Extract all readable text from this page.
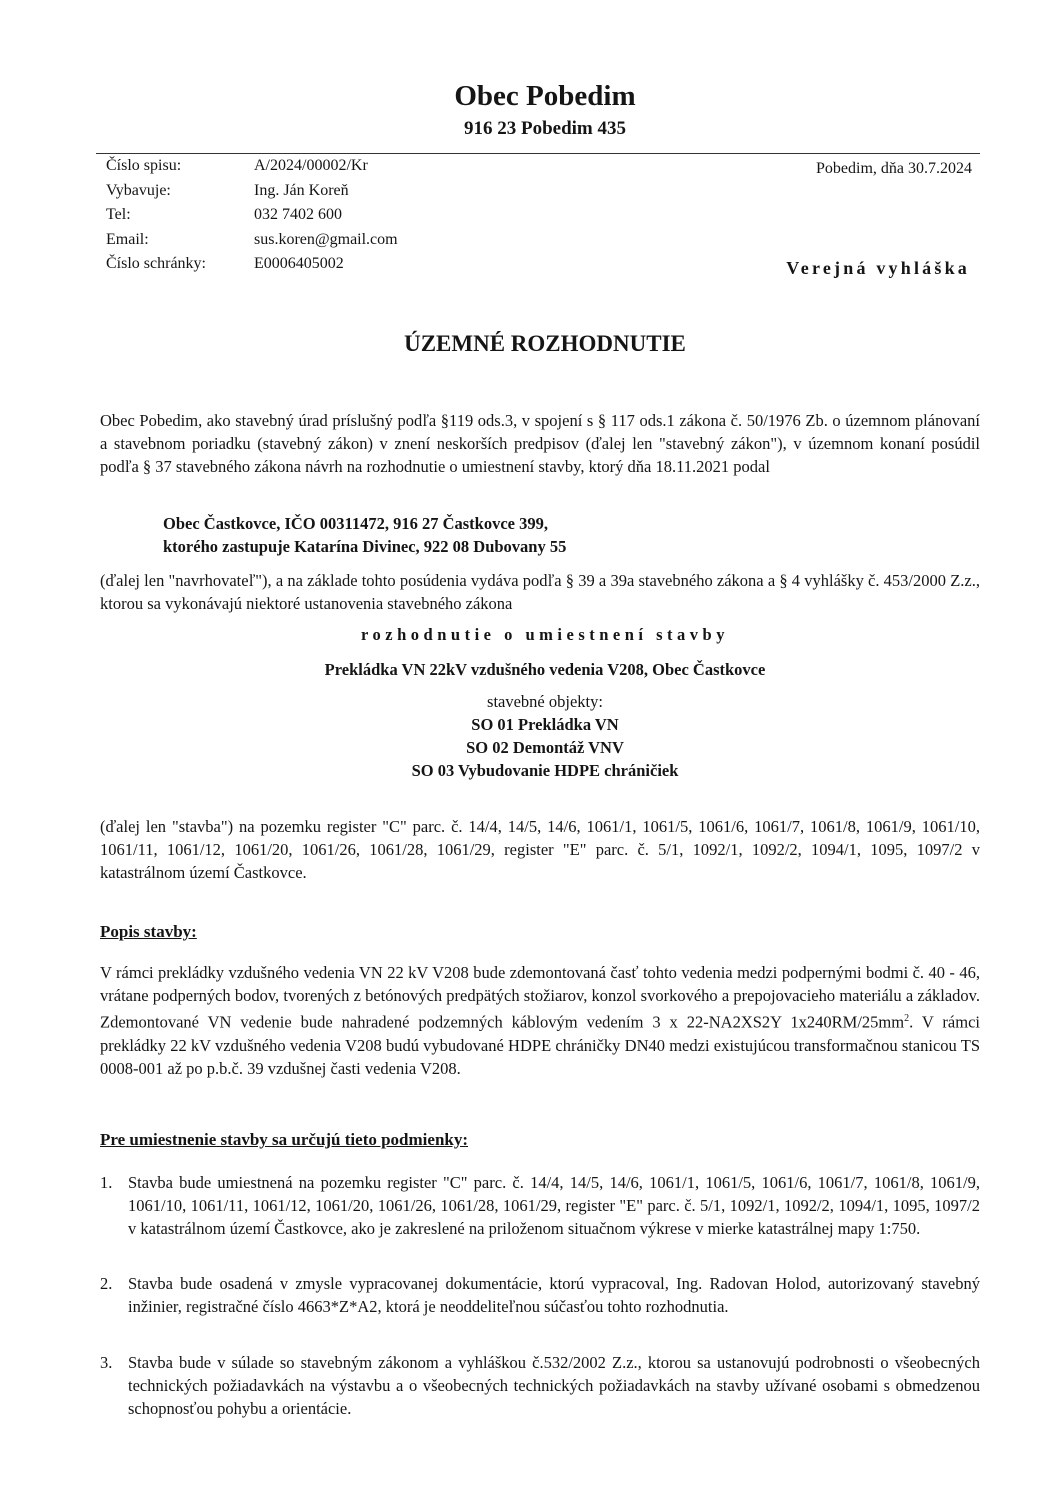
Obec Pobedim
916 23 Pobedim 435
Číslo spisu:	A/2024/00002/Kr
Vybavuje:	Ing. Ján Koreň
Tel:	032 7402 600
Email:	sus.koren@gmail.com
Číslo schránky:	E0006405002
Pobedim, dňa 30.7.2024
Verejná vyhláška
ÚZEMNÉ ROZHODNUTIE
Obec Pobedim, ako stavebný úrad príslušný podľa §119 ods.3, v spojení s § 117 ods.1 zákona č. 50/1976 Zb. o územnom plánovaní a stavebnom poriadku (stavebný zákon) v znení neskorších predpisov (ďalej len "stavebný zákon"), v územnom konaní posúdil podľa § 37 stavebného zákona návrh na rozhodnutie o umiestnení stavby, ktorý dňa 18.11.2021 podal
Obec Častkovce, IČO 00311472, 916 27 Častkovce 399,
ktorého zastupuje Katarína Divinec, 922 08 Dubovany 55
(ďalej len "navrhovateľ"), a na základe tohto posúdenia vydáva podľa § 39 a 39a stavebného zákona a § 4 vyhlášky č. 453/2000 Z.z., ktorou sa vykonávajú niektoré ustanovenia stavebného zákona
rozhodnutie o umiestnení stavby
Prekládka VN 22kV vzdušného vedenia V208, Obec Častkovce
stavebné objekty:
SO 01 Prekládka VN
SO 02 Demontáž VNV
SO 03 Vybudovanie HDPE chráničiek
(ďalej len "stavba") na pozemku register "C" parc. č. 14/4, 14/5, 14/6, 1061/1, 1061/5, 1061/6, 1061/7, 1061/8, 1061/9, 1061/10, 1061/11, 1061/12, 1061/20, 1061/26, 1061/28, 1061/29, register "E" parc. č. 5/1, 1092/1, 1092/2, 1094/1, 1095, 1097/2 v katastrálnom území Častkovce.
Popis stavby:
V rámci prekládky vzdušného vedenia VN 22 kV V208 bude zdemontovaná časť tohto vedenia medzi podpernými bodmi č. 40 - 46, vrátane podperných bodov, tvorených z betónových predpätých stožiarov, konzol svorkového a prepojovacieho materiálu a základov. Zdemontované VN vedenie bude nahradené podzemných káblovým vedením 3 x 22-NA2XS2Y $1x240RM/25mm^2$. V rámci prekládky 22 kV vzdušného vedenia V208 budú vybudované HDPE chráničky DN40 medzi existujúcou transformačnou stanicou TS 0008-001 až po p.b.č. 39 vzdušnej časti vedenia V208.
Pre umiestnenie stavby sa určujú tieto podmienky:
1. Stavba bude umiestnená na pozemku register "C" parc. č. 14/4, 14/5, 14/6, 1061/1, 1061/5, 1061/6, 1061/7, 1061/8, 1061/9, 1061/10, 1061/11, 1061/12, 1061/20, 1061/26, 1061/28, 1061/29, register "E" parc. č. 5/1, 1092/1, 1092/2, 1094/1, 1095, 1097/2 v katastrálnom území Častkovce, ako je zakreslené na priloženom situačnom výkrese v mierke katastrálnej mapy 1:750.
2. Stavba bude osadená v zmysle vypracovanej dokumentácie, ktorú vypracoval, Ing. Radovan Holod, autorizovaný stavebný inžinier, registračné číslo 4663*Z*A2, ktorá je neoddeliteľnou súčasťou tohto rozhodnutia.
3. Stavba bude v súlade so stavebným zákonom a vyhláškou č.532/2002 Z.z., ktorou sa ustanovujú podrobnosti o všeobecných technických požiadavkách na výstavbu a o všeobecných technických požiadavkách na stavby užívané osobami s obmedzenou schopnosťou pohybu a orientácie.
